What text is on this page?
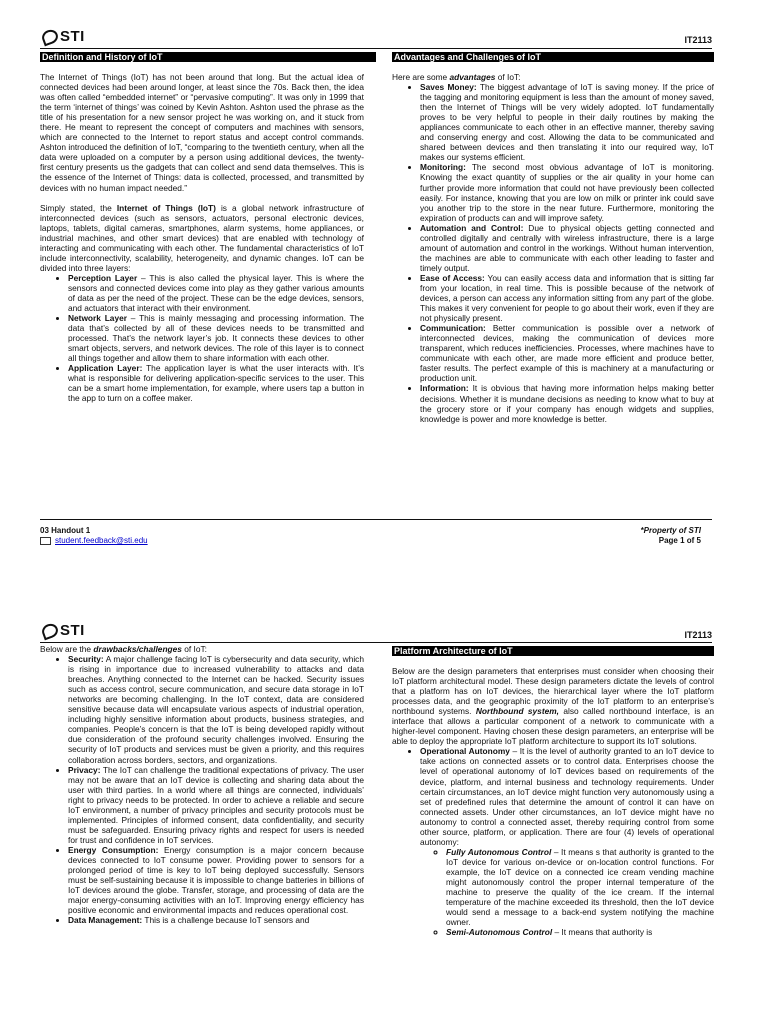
STI	IT2113
Definition and History of IoT

The Internet of Things (IoT) has not been around that long. But the actual idea of connected devices had been around longer, at least since the 70s. Back then, the idea was often called “embedded internet” or “pervasive computing”. It was only in 1999 that the term ‘internet of things’ was coined by Kevin Ashton. Ashton used the phrase as the title of his presentation for a new sensor project he was working on, and it stuck from there. He meant to represent the concept of computers and machines with sensors, which are connected to the Internet to report status and accept control commands. Ashton introduced the definition of IoT, “comparing to the twentieth century, when all the data were uploaded on a computer by a person using additional devices, the twenty-first century presents us the gadgets that can collect and send data themselves. This is the essence of the Internet of Things: data is collected, processed, and transmitted by devices with no human impact needed.”

Simply stated, the Internet of Things (IoT) is a global network infrastructure of interconnected devices (such as sensors, actuators, personal electronic devices, laptops, tablets, digital cameras, smartphones, alarm systems, home appliances, or industrial machines, and other smart devices) that are enabled with technology of interacting and communicating with each other. The fundamental characteristics of IoT include interconnectivity, scalability, heterogeneity, and dynamic changes. IoT can be divided into three layers:

• Perception Layer – This is also called the physical layer. This is where the sensors and connected devices come into play as they gather various amounts of data as per the need of the project. These can be the edge devices, sensors, and actuators that interact with their environment.
• Network Layer – This is mainly messaging and processing information. The data that’s collected by all of these devices needs to be transmitted and processed. That’s the network layer’s job. It connects these devices to other smart objects, servers, and network devices. The role of this layer is to connect all things together and allow them to share information with each other.
• Application Layer: The application layer is what the user interacts with. It’s what is responsible for delivering application-specific services to the user. This can be a smart home implementation, for example, where users tap a button in the app to turn on a coffee maker.
Advantages and Challenges of IoT

Here are some advantages of IoT:

• Saves Money: The biggest advantage of IoT is saving money. If the price of the tagging and monitoring equipment is less than the amount of money saved, then the Internet of Things will be very widely adopted. IoT fundamentally proves to be very helpful to people in their daily routines by making the appliances communicate to each other in an effective manner, thereby saving and conserving energy and cost. Allowing the data to be communicated and shared between devices and then translating it into our required way, IoT makes our systems efficient.
• Monitoring: The second most obvious advantage of IoT is monitoring. Knowing the exact quantity of supplies or the air quality in your home can further provide more information that could not have previously been collected easily. For instance, knowing that you are low on milk or printer ink could save you another trip to the store in the near future. Furthermore, monitoring the expiration of products can and will improve safety.
• Automation and Control: Due to physical objects getting connected and controlled digitally and centrally with wireless infrastructure, there is a large amount of automation and control in the workings. Without human intervention, the machines are able to communicate with each other leading to faster and timely output.
• Ease of Access: You can easily access data and information that is sitting far from your location, in real time. This is possible because of the network of devices, a person can access any information sitting from any part of the globe. This makes it very convenient for people to go about their work, even if they are not physically present.
• Communication: Better communication is possible over a network of interconnected devices, making the communication of devices more transparent, which reduces inefficiencies. Processes, where machines have to communicate with each other, are made more efficient and produce better, faster results. The perfect example of this is machinery at a manufacturing or production unit.
• Information: It is obvious that having more information helps making better decisions. Whether it is mundane decisions as needing to know what to buy at the grocery store or if your company has enough widgets and supplies, knowledge is power and more knowledge is better.
03 Handout 1
student.feedback@sti.edu
*Property of STI
Page 1 of 5
STI	IT2113

Below are the drawbacks/challenges of IoT:

• Security: A major challenge facing IoT is cybersecurity and data security, which is rising in importance due to increased vulnerability to attacks and data breaches. Anything connected to the Internet can be hacked. Security issues such as access control, secure communication, and secure data storage in IoT networks are becoming challenging. In the IoT context, data are considered sensitive because data will encapsulate various aspects of industrial operation, including highly sensitive information about products, business strategies, and companies. People’s concern is that the IoT is being developed rapidly without due consideration of the profound security challenges involved. Ensuring the security of IoT products and services must be given a priority, and this requires collaboration across borders, sectors, and organizations.
• Privacy: The IoT can challenge the traditional expectations of privacy. The user may not be aware that an IoT device is collecting and sharing data about the user with third parties. In a world where all things are connected, individuals’ right to privacy needs to be protected. In order to achieve a reliable and secure IoT environment, a number of privacy principles and security protocols must be implemented. Principles of informed consent, data confidentiality, and security must be safeguarded. Ensuring privacy rights and respect for users is needed for trust and confidence in IoT services.
• Energy Consumption: Energy consumption is a major concern because devices connected to IoT consume power. Providing power to sensors for a prolonged period of time is key to IoT being deployed successfully. Sensors must be self-sustaining because it is impossible to change batteries in billions of IoT devices around the globe. Transfer, storage, and processing of data are the major energy-consuming activities with an IoT. Improving energy efficiency has positive economic and environmental impacts and reduces operational cost.
• Data Management: This is a challenge because IoT sensors and
Platform Architecture of IoT

Below are the design parameters that enterprises must consider when choosing their IoT platform architectural model. These design parameters dictate the levels of control that a platform has on IoT devices, the hierarchical layer where the IoT platform processes data, and the geographic proximity of the IoT platform to an enterprise’s northbound systems. Northbound system, also called northbound interface, is an interface that allows a particular component of a network to communicate with a higher-level component. Having chosen these design parameters, an enterprise will be able to deploy the appropriate IoT platform architecture to support its IoT solutions.

• Operational Autonomy – It is the level of authority granted to an IoT device to take actions on connected assets or to control data. Enterprises choose the level of operational autonomy of IoT devices based on requirements of the device, platform, and internal business and technology requirements. Under certain circumstances, an IoT device might function very autonomously using a set of predefined rules that determine the amount of control it can have on connected assets. Under other circumstances, an IoT device might have no autonomy to control a connected asset, thereby requiring control from some other source, platform, or application. There are four (4) levels of operational autonomy:
◦ Fully Autonomous Control – It means s that authority is granted to the IoT device for various on-device or on-location control functions. For example, the IoT device on a connected ice cream vending machine might autonomously control the proper internal temperature of the machine to preserve the quality of the ice cream. If the internal temperature of the machine exceeded its threshold, then the IoT device would send a message to a back-end system notifying the machine owner.
◦ Semi-Autonomous Control – It means that authority is
